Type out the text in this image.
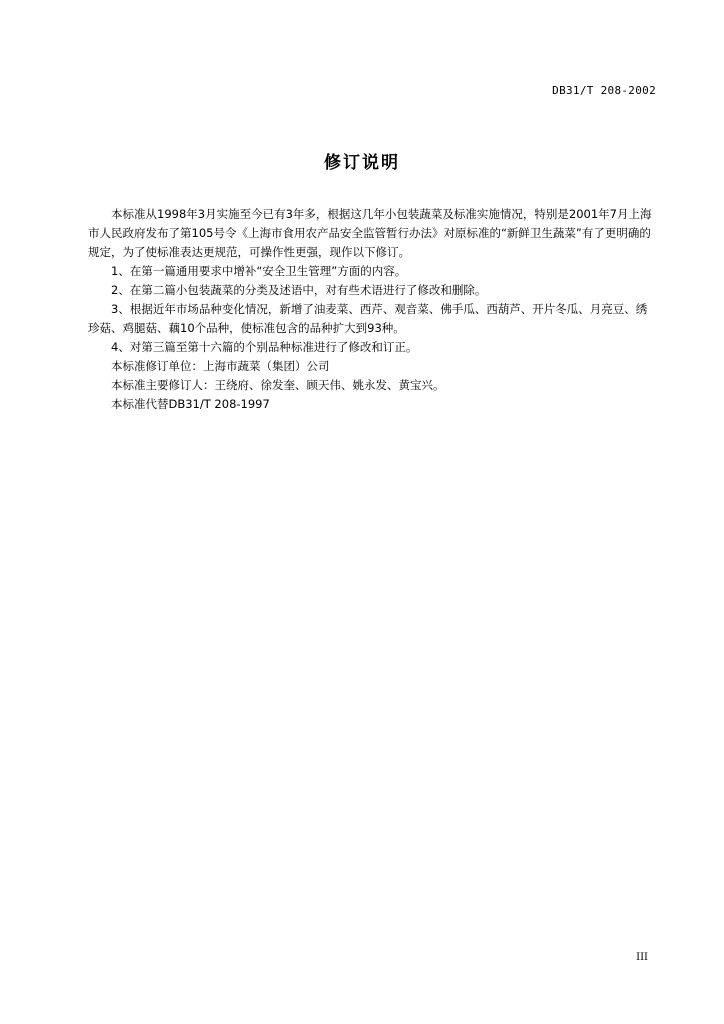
DB31/T 208-2002
修订说明

本标准从1998年3月实施至今已有3年多，根据这几年小包装蔬菜及标准实施情况，特别是2001年7月上海市人民政府发布了第105号令《上海市食用农产品安全监管暂行办法》对原标准的“新鲜卫生蔬菜”有了更明确的规定，为了使标准表达更规范，可操作性更强，现作以下修订。

1、在第一篇通用要求中增补“安全卫生管理”方面的内容。

2、在第二篇小包装蔬菜的分类及述语中，对有些术语进行了修改和删除。

3、根据近年市场品种变化情况，新增了油麦菜、西芹、观音菜、佛手瓜、西葫芦、开片冬瓜、月亮豆、绣珍菇、鸡腿菇、藕10个品种，使标准包含的品种扩大到93种。

4、对第三篇至第十六篇的个别品种标准进行了修改和订正。

本标准修订单位：上海市蔬菜（集团）公司

本标准主要修订人：王绕府、徐发奎、顾天伟、姚永发、黄宝兴。

本标准代替DB31/T 208-1997

III
